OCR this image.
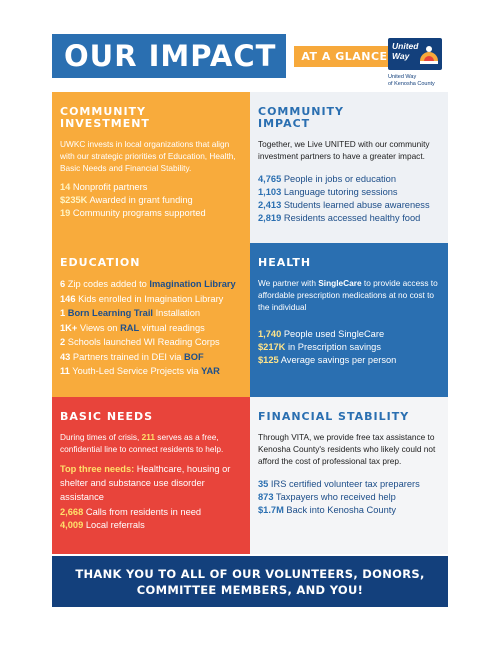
OUR IMPACT	AT A GLANCE
United
Way
United Way
of Kenosha County
COMMUNITY
INVESTMENT

UWKC invests in local organizations that align with our strategic priorities of Education, Health, Basic Needs and Financial Stability.

14 Nonprofit partners
$235K Awarded in grant funding
19 Community programs supported
COMMUNITY
IMPACT

Together, we Live UNITED with our community investment partners to have a greater impact.

4,765 People in jobs or education
1,103 Language tutoring sessions
2,413 Students learned abuse awareness
2,819 Residents accessed healthy food
EDUCATION
6 Zip codes added to Imagination Library
146 Kids enrolled in Imagination Library
1 Born Learning Trail Installation
1K+ Views on RAL virtual readings
2 Schools launched WI Reading Corps
43 Partners trained in DEI via BOF
11 Youth-Led Service Projects via YAR
HEALTH

We partner with SingleCare to provide access to affordable prescription medications at no cost to the individual

1,740 People used SingleCare
$217K in Prescription savings
$125 Average savings per person
BASIC NEEDS

During times of crisis, 211 serves as a free, confidential line to connect residents to help.

Top three needs: Healthcare, housing or shelter and substance use disorder assistance

2,668 Calls from residents in need
4,009 Local referrals
FINANCIAL STABILITY

Through VITA, we provide free tax assistance to Kenosha County's residents who likely could not afford the cost of professional tax prep.

35 IRS certified volunteer tax preparers
873 Taxpayers who received help
$1.7M Back into Kenosha County
THANK YOU TO ALL OF OUR VOLUNTEERS, DONORS,
COMMITTEE MEMBERS, AND YOU!
